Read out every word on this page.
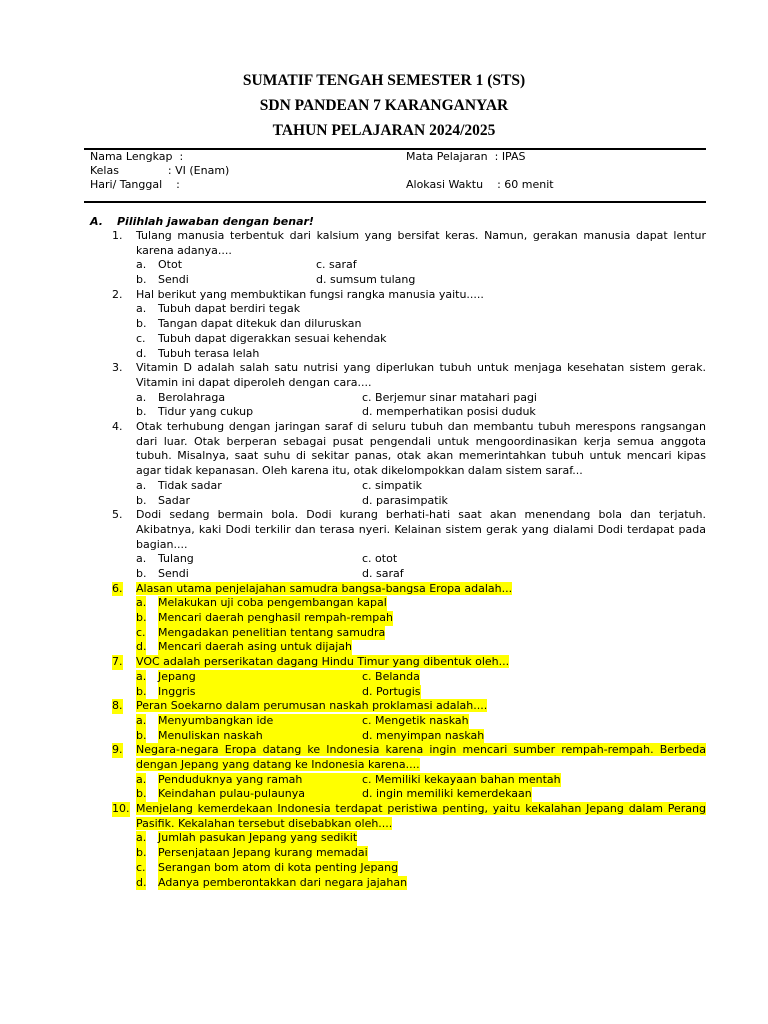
SUMATIF TENGAH SEMESTER 1 (STS)
SDN PANDEAN 7 KARANGANYAR
TAHUN PELAJARAN 2024/2025
Nama Lengkap  :
Kelas              : VI (Enam)
Hari/ Tanggal    :
Mata Pelajaran  : IPAS
Alokasi Waktu    : 60 menit
A. Pilihlah jawaban dengan benar!
1. Tulang manusia terbentuk dari kalsium yang bersifat keras. Namun, gerakan manusia dapat lentur karena adanya....
a. Otot	c. saraf
b. Sendi	d. sumsum tulang
2. Hal berikut yang membuktikan fungsi rangka manusia yaitu.....
a. Tubuh dapat berdiri tegak
b. Tangan dapat ditekuk dan diluruskan
c. Tubuh dapat digerakkan sesuai kehendak
d. Tubuh terasa lelah
3. Vitamin D adalah salah satu nutrisi yang diperlukan tubuh untuk menjaga kesehatan sistem gerak. Vitamin ini dapat diperoleh dengan cara....
a. Berolahraga	c. Berjemur sinar matahari pagi
b. Tidur yang cukup	d. memperhatikan posisi duduk
4. Otak terhubung dengan jaringan saraf di seluru tubuh dan membantu tubuh merespons rangsangan dari luar. Otak berperan sebagai pusat pengendali untuk mengoordinasikan kerja semua anggota tubuh. Misalnya, saat suhu di sekitar panas, otak akan memerintahkan tubuh untuk mencari kipas agar tidak kepanasan. Oleh karena itu, otak dikelompokkan dalam sistem saraf...
a. Tidak sadar	c. simpatik
b. Sadar	d. parasimpatik
5. Dodi sedang bermain bola. Dodi kurang berhati-hati saat akan menendang bola dan terjatuh. Akibatnya, kaki Dodi terkilir dan terasa nyeri. Kelainan sistem gerak yang dialami Dodi terdapat pada bagian....
a. Tulang	c. otot
b. Sendi	d. saraf
6. Alasan utama penjelajahan samudra bangsa-bangsa Eropa adalah...
a. Melakukan uji coba pengembangan kapal
b. Mencari daerah penghasil rempah-rempah
c. Mengadakan penelitian tentang samudra
d. Mencari daerah asing untuk dijajah
7. VOC adalah perserikatan dagang Hindu Timur yang dibentuk oleh...
a. Jepang	c. Belanda
b. Inggris	d. Portugis
8. Peran Soekarno dalam perumusan naskah proklamasi adalah....
a. Menyumbangkan ide	c. Mengetik naskah
b. Menuliskan naskah	d. menyimpan naskah
9. Negara-negara Eropa datang ke Indonesia karena ingin mencari sumber rempah-rempah. Berbeda dengan Jepang yang datang ke Indonesia karena....
a. Penduduknya yang ramah	c. Memiliki kekayaan bahan mentah
b. Keindahan pulau-pulaunya	d. ingin memiliki kemerdekaan
10. Menjelang kemerdekaan Indonesia terdapat peristiwa penting, yaitu kekalahan Jepang dalam Perang Pasifik. Kekalahan tersebut disebabkan oleh....
a. Jumlah pasukan Jepang yang sedikit
b. Persenjataan Jepang kurang memadai
c. Serangan bom atom di kota penting Jepang
d. Adanya pemberontakkan dari negara jajahan
